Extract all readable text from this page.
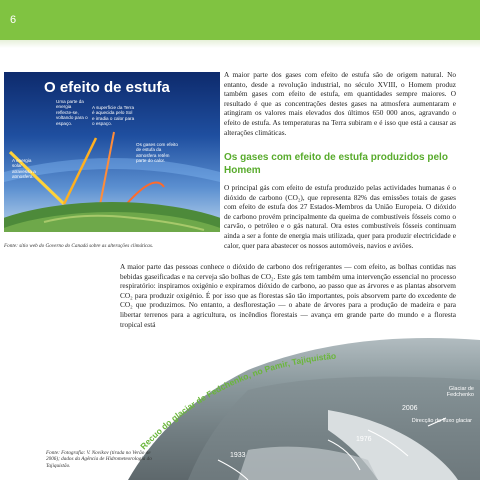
6
O efeito de estufa
Uma parte da energia reflecte-se, voltando para o espaço.
A superfície da Terra é aquecida pelo Sol e irradia o calor para o espaço.
Os gases com efeito de estufa da atmosfera retêm parte do calor.
A energia solar atravessa a atmosfera.
Fonte: sítio web do Governo do Canadá sobre as alterações climáticas.

A maior parte dos gases com efeito de estufa são de origem natural. No entanto, desde a revolução industrial, no século XVIII, o Homem produz também gases com efeito de estufa, em quantidades sempre maiores. O resultado é que as concentrações destes gases na atmosfera aumentaram e atingiram os valores mais elevados dos últimos 650 000 anos, agravando o efeito de estufa. As temperaturas na Terra subiram e é isso que está a causar as alterações climáticas.

Os gases com efeito de estufa produzidos pelo Homem

O principal gás com efeito de estufa produzido pelas actividades humanas é o dióxido de carbono (CO₂), que representa 82% das emissões totais de gases com efeito de estufa dos 27 Estados-Membros da União Europeia. O dióxido de carbono provém principalmente da queima de combustíveis fósseis como o carvão, o petróleo e o gás natural. Ora estes combustíveis fósseis continuam ainda a ser a fonte de energia mais utilizada, quer para produzir electricidade e calor, quer para abastecer os nossos automóveis, navios e aviões.

A maior parte das pessoas conhece o dióxido de carbono dos refrigerantes — com efeito, as bolhas contidas nas bebidas gaseificadas e na cerveja são bolhas de CO₂. Este gás tem também uma intervenção essencial no processo respiratório: inspiramos oxigénio e expiramos dióxido de carbono, ao passo que as árvores e as plantas absorvem CO₂ para produzir oxigénio. É por isso que as florestas são tão importantes, pois absorvem parte do excedente de CO₂ que produzimos. No entanto, a desflorestação — o abate de árvores para a produção de madeira e para libertar terrenos para a agricultura, os incêndios florestais — avança em grande parte do mundo e a floresta tropical está

Recuo do glaciar de Fedchenko, no Pamir, Tajiquistão
Glaciar de Fedchenko
Direcção do fluxo glaciar
2006
1976
1933
Fonte: Fotografia: V. Novikov (tirada no Verão de 2006); dados da Agência de Hidrometeorologia do Tajiquistão.
